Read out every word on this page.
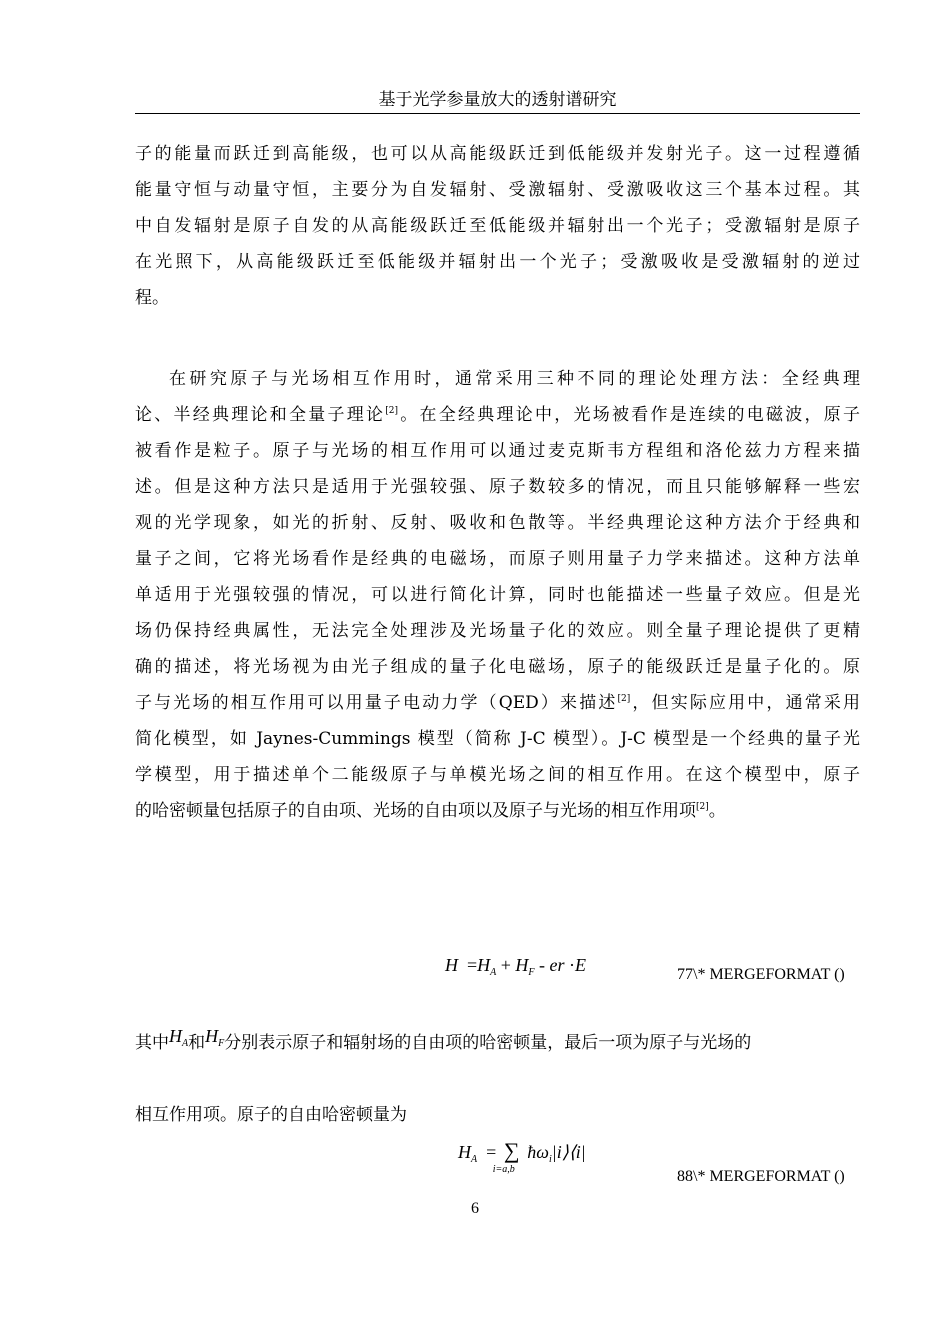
基于光学参量放大的透射谱研究
子的能量而跃迁到高能级，也可以从高能级跃迁到低能级并发射光子。这一过程遵循
能量守恒与动量守恒，主要分为自发辐射、受激辐射、受激吸收这三个基本过程。其
中自发辐射是原子自发的从高能级跃迁至低能级并辐射出一个光子；受激辐射是原子
在光照下，从高能级跃迁至低能级并辐射出一个光子；受激吸收是受激辐射的逆过
程。
在研究原子与光场相互作用时，通常采用三种不同的理论处理方法：全经典理
论、半经典理论和全量子理论[2]。在全经典理论中，光场被看作是连续的电磁波，原子
被看作是粒子。原子与光场的相互作用可以通过麦克斯韦方程组和洛伦兹力方程来描
述。但是这种方法只是适用于光强较强、原子数较多的情况，而且只能够解释一些宏
观的光学现象，如光的折射、反射、吸收和色散等。半经典理论这种方法介于经典和
量子之间，它将光场看作是经典的电磁场，而原子则用量子力学来描述。这种方法单
单适用于光强较强的情况，可以进行简化计算，同时也能描述一些量子效应。但是光
场仍保持经典属性，无法完全处理涉及光场量子化的效应。则全量子理论提供了更精
确的描述，将光场视为由光子组成的量子化电磁场，原子的能级跃迁是量子化的。原
子与光场的相互作用可以用量子电动力学（QED）来描述[2]，但实际应用中，通常采用
简化模型，如 Jaynes-Cummings 模型（简称 J-C 模型）。J-C 模型是一个经典的量子光
学模型，用于描述单个二能级原子与单模光场之间的相互作用。在这个模型中，原子
的哈密顿量包括原子的自由项、光场的自由项以及原子与光场的相互作用项[2]。
$H =H_A + H_F$ - er ·E	77\* MERGEFORMAT ()
其中$H_A$和$H_F$分别表示原子和辐射场的自由项的哈密顿量，最后一项为原子与光场的
相互作用项。原子的自由哈密顿量为
$H_A$  = ∑
i=a,b
$ħ\omega_i|i⟩⟨i|$
88\* MERGEFORMAT ()
6
